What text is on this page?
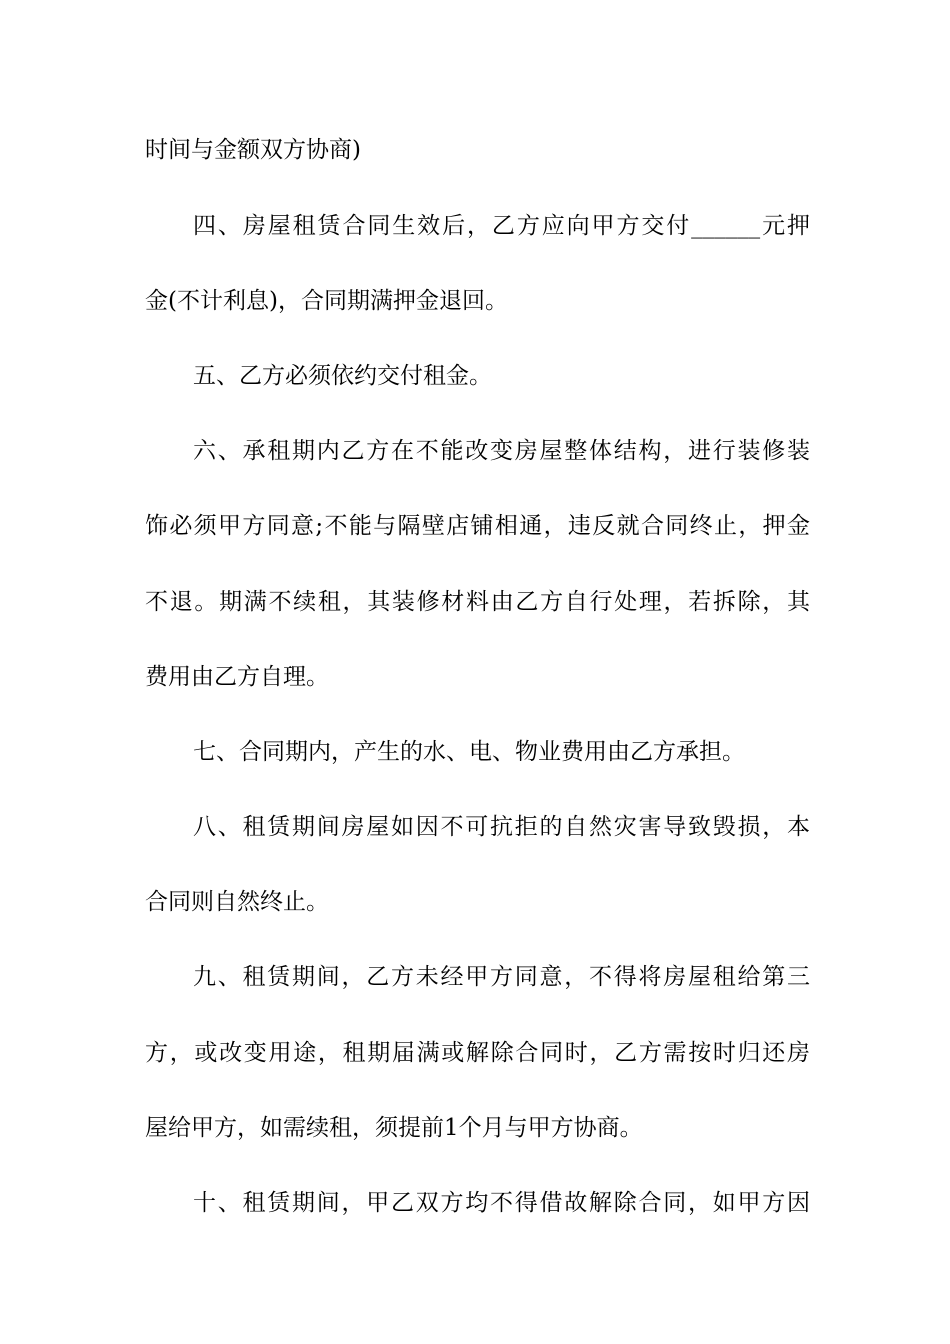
时间与金额双方协商)
四、房屋租赁合同生效后，乙方应向甲方交付______元押
金(不计利息)，合同期满押金退回。
五、乙方必须依约交付租金。
六、承租期内乙方在不能改变房屋整体结构，进行装修装
饰必须甲方同意;不能与隔壁店铺相通，违反就合同终止，押金
不退。期满不续租，其装修材料由乙方自行处理，若拆除，其
费用由乙方自理。
七、合同期内，产生的水、电、物业费用由乙方承担。
八、租赁期间房屋如因不可抗拒的自然灾害导致毁损，本
合同则自然终止。
九、租赁期间，乙方未经甲方同意，不得将房屋租给第三
方，或改变用途，租期届满或解除合同时，乙方需按时归还房
屋给甲方，如需续租，须提前1个月与甲方协商。
十、租赁期间，甲乙双方均不得借故解除合同，如甲方因
